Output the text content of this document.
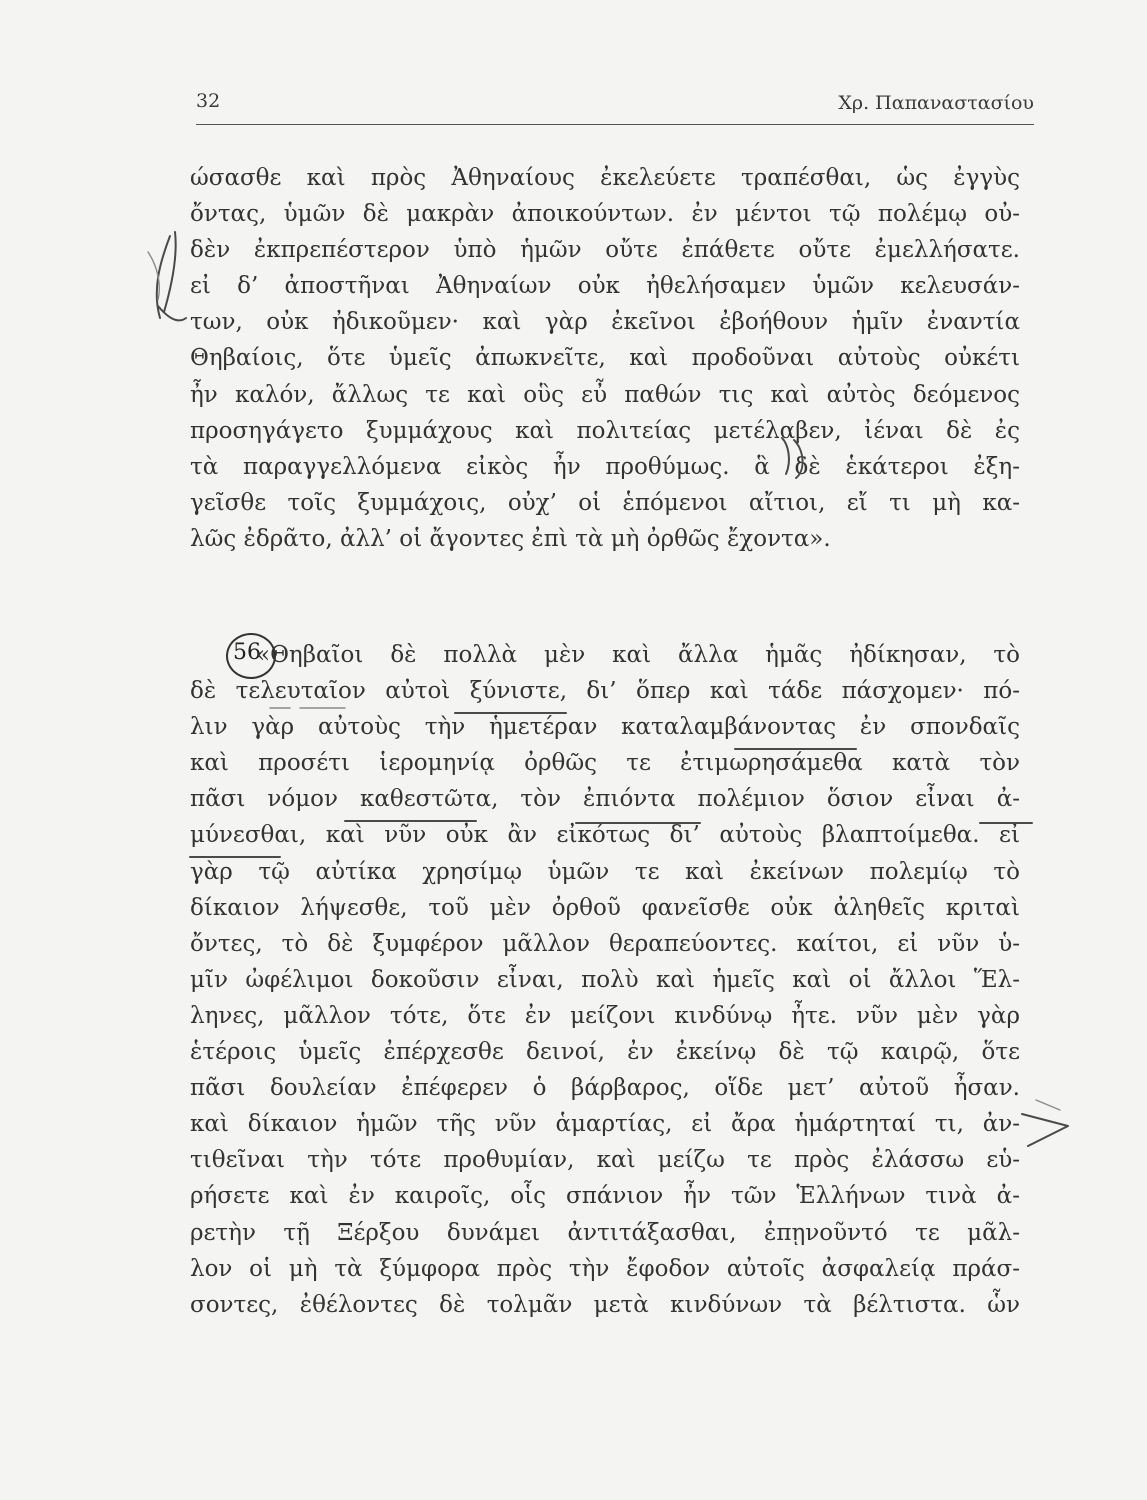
32	Χρ. Παπαναστασίου
ώσασθε καὶ πρὸς Ἀθηναίους ἐκελεύετε τραπέσθαι, ὡς ἐγγὺς
ὄντας, ὑμῶν δὲ μακρὰν ἀποικούντων. ἐν μέντοι τῷ πολέμῳ οὐ-
δὲν ἐκπρεπέστερον ὑπὸ ἡμῶν οὔτε ἐπάθετε οὔτε ἐμελλήσατε.
εἰ δ’ ἀποστῆναι Ἀθηναίων οὐκ ἠθελήσαμεν ὑμῶν κελευσάν-
των, οὐκ ἠδικοῦμεν· καὶ γὰρ ἐκεῖνοι ἐβοήθουν ἡμῖν ἐναντία
Θηβαίοις, ὅτε ὑμεῖς ἀπωκνεῖτε, καὶ προδοῦναι αὐτοὺς οὐκέτι
ἦν καλόν, ἄλλως τε καὶ οὓς εὖ παθών τις καὶ αὐτὸς δεόμενος
προσηγάγετο ξυμμάχους καὶ πολιτείας μετέλαβεν, ἰέναι δὲ ἐς
τὰ παραγγελλόμενα εἰκὸς ἦν προθύμως. ἃ δὲ ἑκάτεροι ἐξη-
γεῖσθε τοῖς ξυμμάχοις, οὐχ’ οἱ ἑπόμενοι αἴτιοι, εἴ τι μὴ κα-
λῶς ἐδρᾶτο, ἀλλ’ οἱ ἄγοντες ἐπὶ τὰ μὴ ὀρθῶς ἔχοντα».
56
«Θηβαῖοι δὲ πολλὰ μὲν καὶ ἄλλα ἡμᾶς ἠδίκησαν, τὸ
δὲ τελευταῖον αὐτοὶ ξύνιστε, δι’ ὅπερ καὶ τάδε πάσχομεν· πό-
λιν γὰρ αὐτοὺς τὴν ἡμετέραν καταλαμβάνοντας ἐν σπονδαῖς
καὶ προσέτι ἱερομηνίᾳ ὀρθῶς τε ἐτιμωρησάμεθα κατὰ τὸν
πᾶσι νόμον καθεστῶτα, τὸν ἐπιόντα πολέμιον ὅσιον εἶναι ἀ-
μύνεσθαι, καὶ νῦν οὐκ ἂν εἰκότως δι’ αὐτοὺς βλαπτοίμεθα. εἰ
γὰρ τῷ αὐτίκα χρησίμῳ ὑμῶν τε καὶ ἐκείνων πολεμίῳ τὸ
δίκαιον λήψεσθε, τοῦ μὲν ὀρθοῦ φανεῖσθε οὐκ ἀληθεῖς κριταὶ
ὄντες, τὸ δὲ ξυμφέρον μᾶλλον θεραπεύοντες. καίτοι, εἰ νῦν ὑ-
μῖν ὠφέλιμοι δοκοῦσιν εἶναι, πολὺ καὶ ἡμεῖς καὶ οἱ ἄλλοι Ἕλ-
ληνες, μᾶλλον τότε, ὅτε ἐν μείζονι κινδύνῳ ἦτε. νῦν μὲν γὰρ
ἑτέροις ὑμεῖς ἐπέρχεσθε δεινοί, ἐν ἐκείνῳ δὲ τῷ καιρῷ, ὅτε
πᾶσι δουλείαν ἐπέφερεν ὁ βάρβαρος, οἵδε μετ’ αὐτοῦ ἦσαν.
καὶ δίκαιον ἡμῶν τῆς νῦν ἁμαρτίας, εἰ ἄρα ἡμάρτηταί τι, ἀν-
τιθεῖναι τὴν τότε προθυμίαν, καὶ μείζω τε πρὸς ἐλάσσω εὑ-
ρήσετε καὶ ἐν καιροῖς, οἷς σπάνιον ἦν τῶν Ἑλλήνων τινὰ ἀ-
ρετὴν τῇ Ξέρξου δυνάμει ἀντιτάξασθαι, ἐπῃνοῦντό τε μᾶλ-
λον οἱ μὴ τὰ ξύμφορα πρὸς τὴν ἔφοδον αὐτοῖς ἀσφαλείᾳ πράσ-
σοντες, ἐθέλοντες δὲ τολμᾶν μετὰ κινδύνων τὰ βέλτιστα. ὧν
